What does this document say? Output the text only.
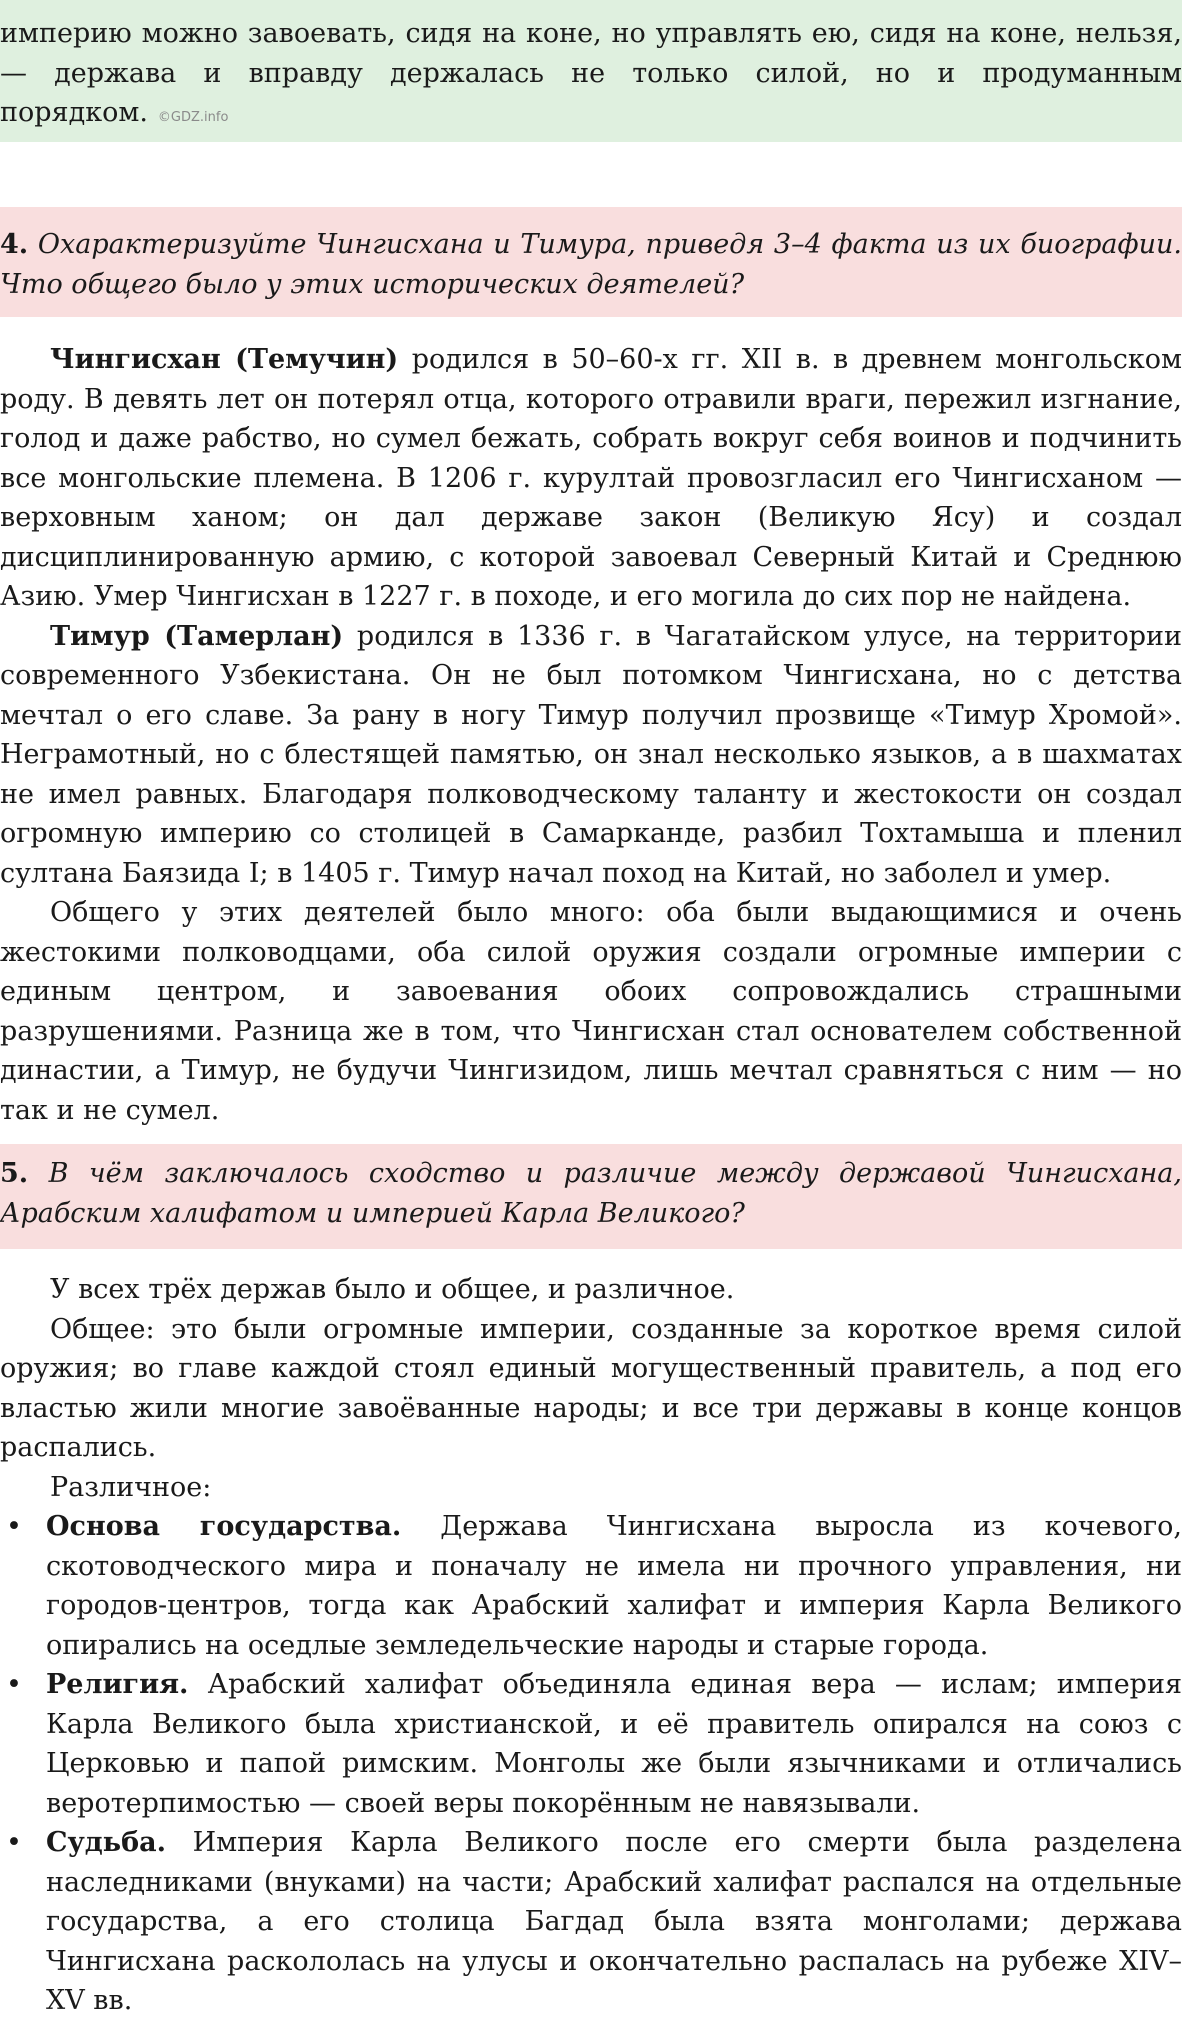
империю можно завоевать, сидя на коне, но управлять ею, сидя на коне, нельзя, — держава и вправду держалась не только силой, но и продуманным порядком. ©GDZ.info

4. Охарактеризуйте Чингисхана и Тимура, приведя 3–4 факта из их биографии. Что общего было у этих исторических деятелей?

Чингисхан (Темучин) родился в 50–60-х гг. XII в. в древнем монгольском роду. В девять лет он потерял отца, которого отравили враги, пережил изгнание, голод и даже рабство, но сумел бежать, собрать вокруг себя воинов и подчинить все монгольские племена. В 1206 г. курултай провозгласил его Чингисханом — верховным ханом; он дал державе закон (Великую Ясу) и создал дисциплинированную армию, с которой завоевал Северный Китай и Среднюю Азию. Умер Чингисхан в 1227 г. в походе, и его могила до сих пор не найдена.

Тимур (Тамерлан) родился в 1336 г. в Чагатайском улусе, на территории современного Узбекистана. Он не был потомком Чингисхана, но с детства мечтал о его славе. За рану в ногу Тимур получил прозвище «Тимур Хромой». Неграмотный, но с блестящей памятью, он знал несколько языков, а в шахматах не имел равных. Благодаря полководческому таланту и жестокости он создал огромную империю со столицей в Самарканде, разбил Тохтамыша и пленил султана Баязида I; в 1405 г. Тимур начал поход на Китай, но заболел и умер.

Общего у этих деятелей было много: оба были выдающимися и очень жестокими полководцами, оба силой оружия создали огромные империи с единым центром, и завоевания обоих сопровождались страшными разрушениями. Разница же в том, что Чингисхан стал основателем собственной династии, а Тимур, не будучи Чингизидом, лишь мечтал сравняться с ним — но так и не сумел.

5. В чём заключалось сходство и различие между державой Чингисхана, Арабским халифатом и империей Карла Великого?

У всех трёх держав было и общее, и различное.

Общее: это были огромные империи, созданные за короткое время силой оружия; во главе каждой стоял единый могущественный правитель, а под его властью жили многие завоёванные народы; и все три державы в конце концов распались.

Различное:

• Основа государства. Держава Чингисхана выросла из кочевого, скотоводческого мира и поначалу не имела ни прочного управления, ни городов-центров, тогда как Арабский халифат и империя Карла Великого опирались на оседлые земледельческие народы и старые города.
• Религия. Арабский халифат объединяла единая вера — ислам; империя Карла Великого была христианской, и её правитель опирался на союз с Церковью и папой римским. Монголы же были язычниками и отличались веротерпимостью — своей веры покорённым не навязывали.
• Судьба. Империя Карла Великого после его смерти была разделена наследниками (внуками) на части; Арабский халифат распался на отдельные государства, а его столица Багдад была взята монголами; держава Чингисхана раскололась на улусы и окончательно распалась на рубеже XIV–XV вв.
